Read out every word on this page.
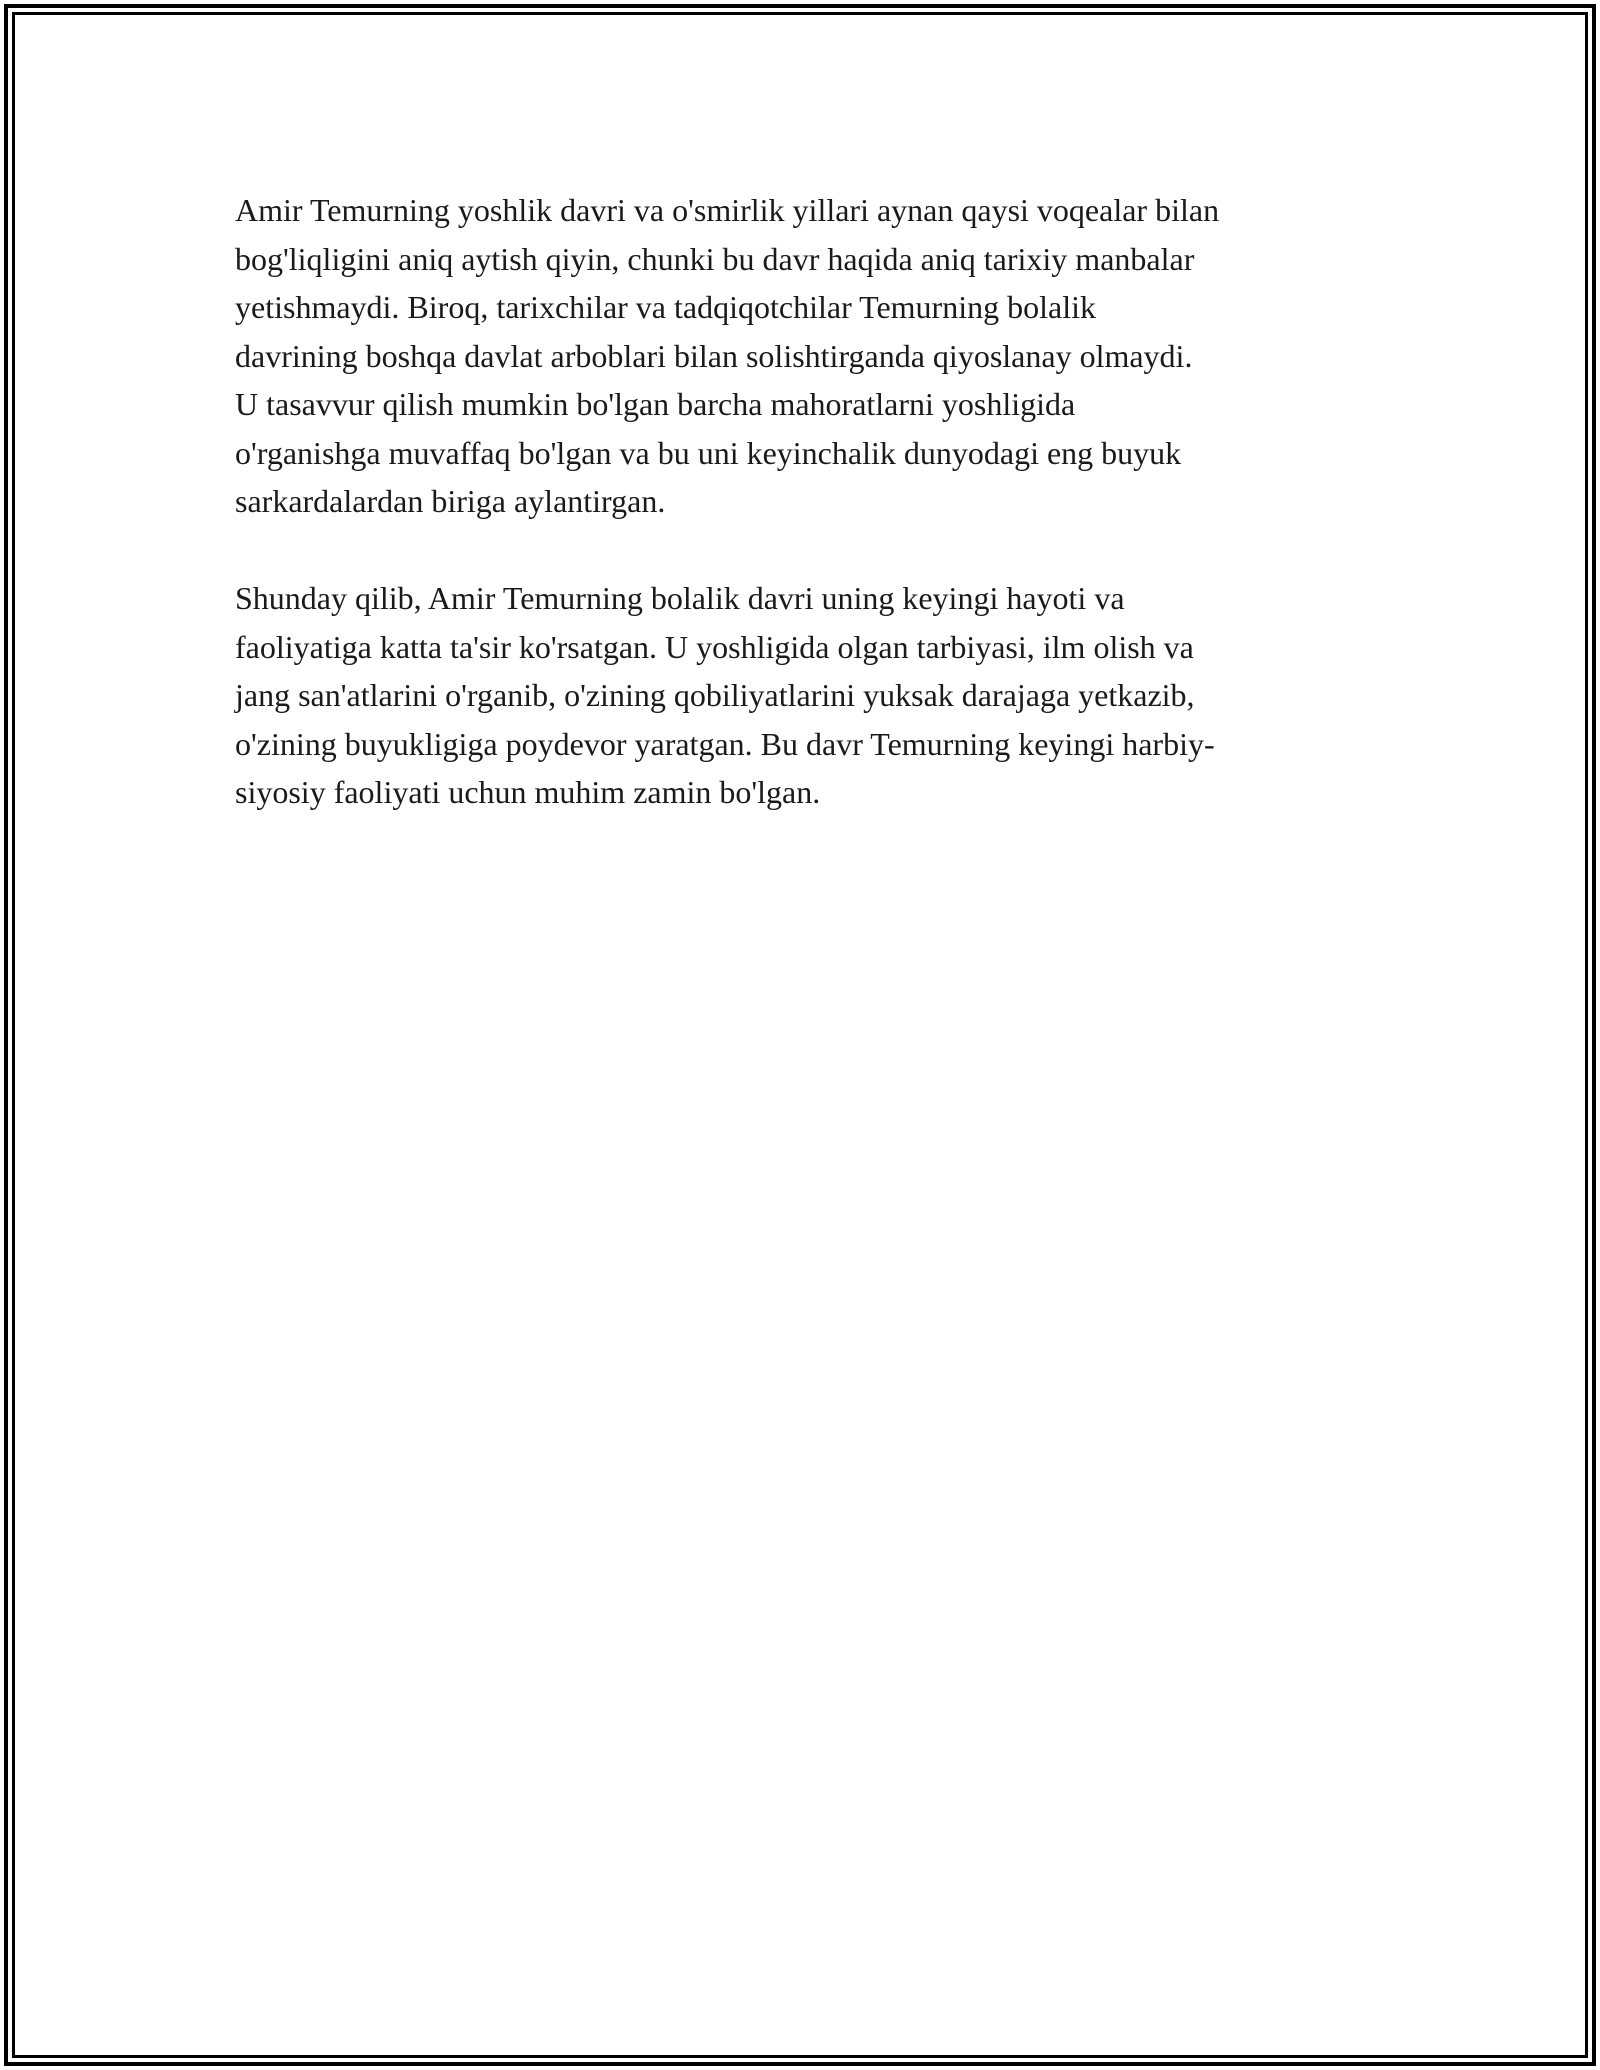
Amir Temurning yoshlik davri va o'smirlik yillari aynan qaysi voqealar bilan
bog'liqligini aniq aytish qiyin, chunki bu davr haqida aniq tarixiy manbalar
yetishmaydi. Biroq, tarixchilar va tadqiqotchilar Temurning bolalik
davrining boshqa davlat arboblari bilan solishtirganda qiyoslanay olmaydi.
U tasavvur qilish mumkin bo'lgan barcha mahoratlarni yoshligida
o'rganishga muvaffaq bo'lgan va bu uni keyinchalik dunyodagi eng buyuk
sarkardalardan biriga aylantirgan.

Shunday qilib, Amir Temurning bolalik davri uning keyingi hayoti va
faoliyatiga katta ta'sir ko'rsatgan. U yoshligida olgan tarbiyasi, ilm olish va
jang san'atlarini o'rganib, o'zining qobiliyatlarini yuksak darajaga yetkazib,
o'zining buyukligiga poydevor yaratgan. Bu davr Temurning keyingi harbiy-
siyosiy faoliyati uchun muhim zamin bo'lgan.
